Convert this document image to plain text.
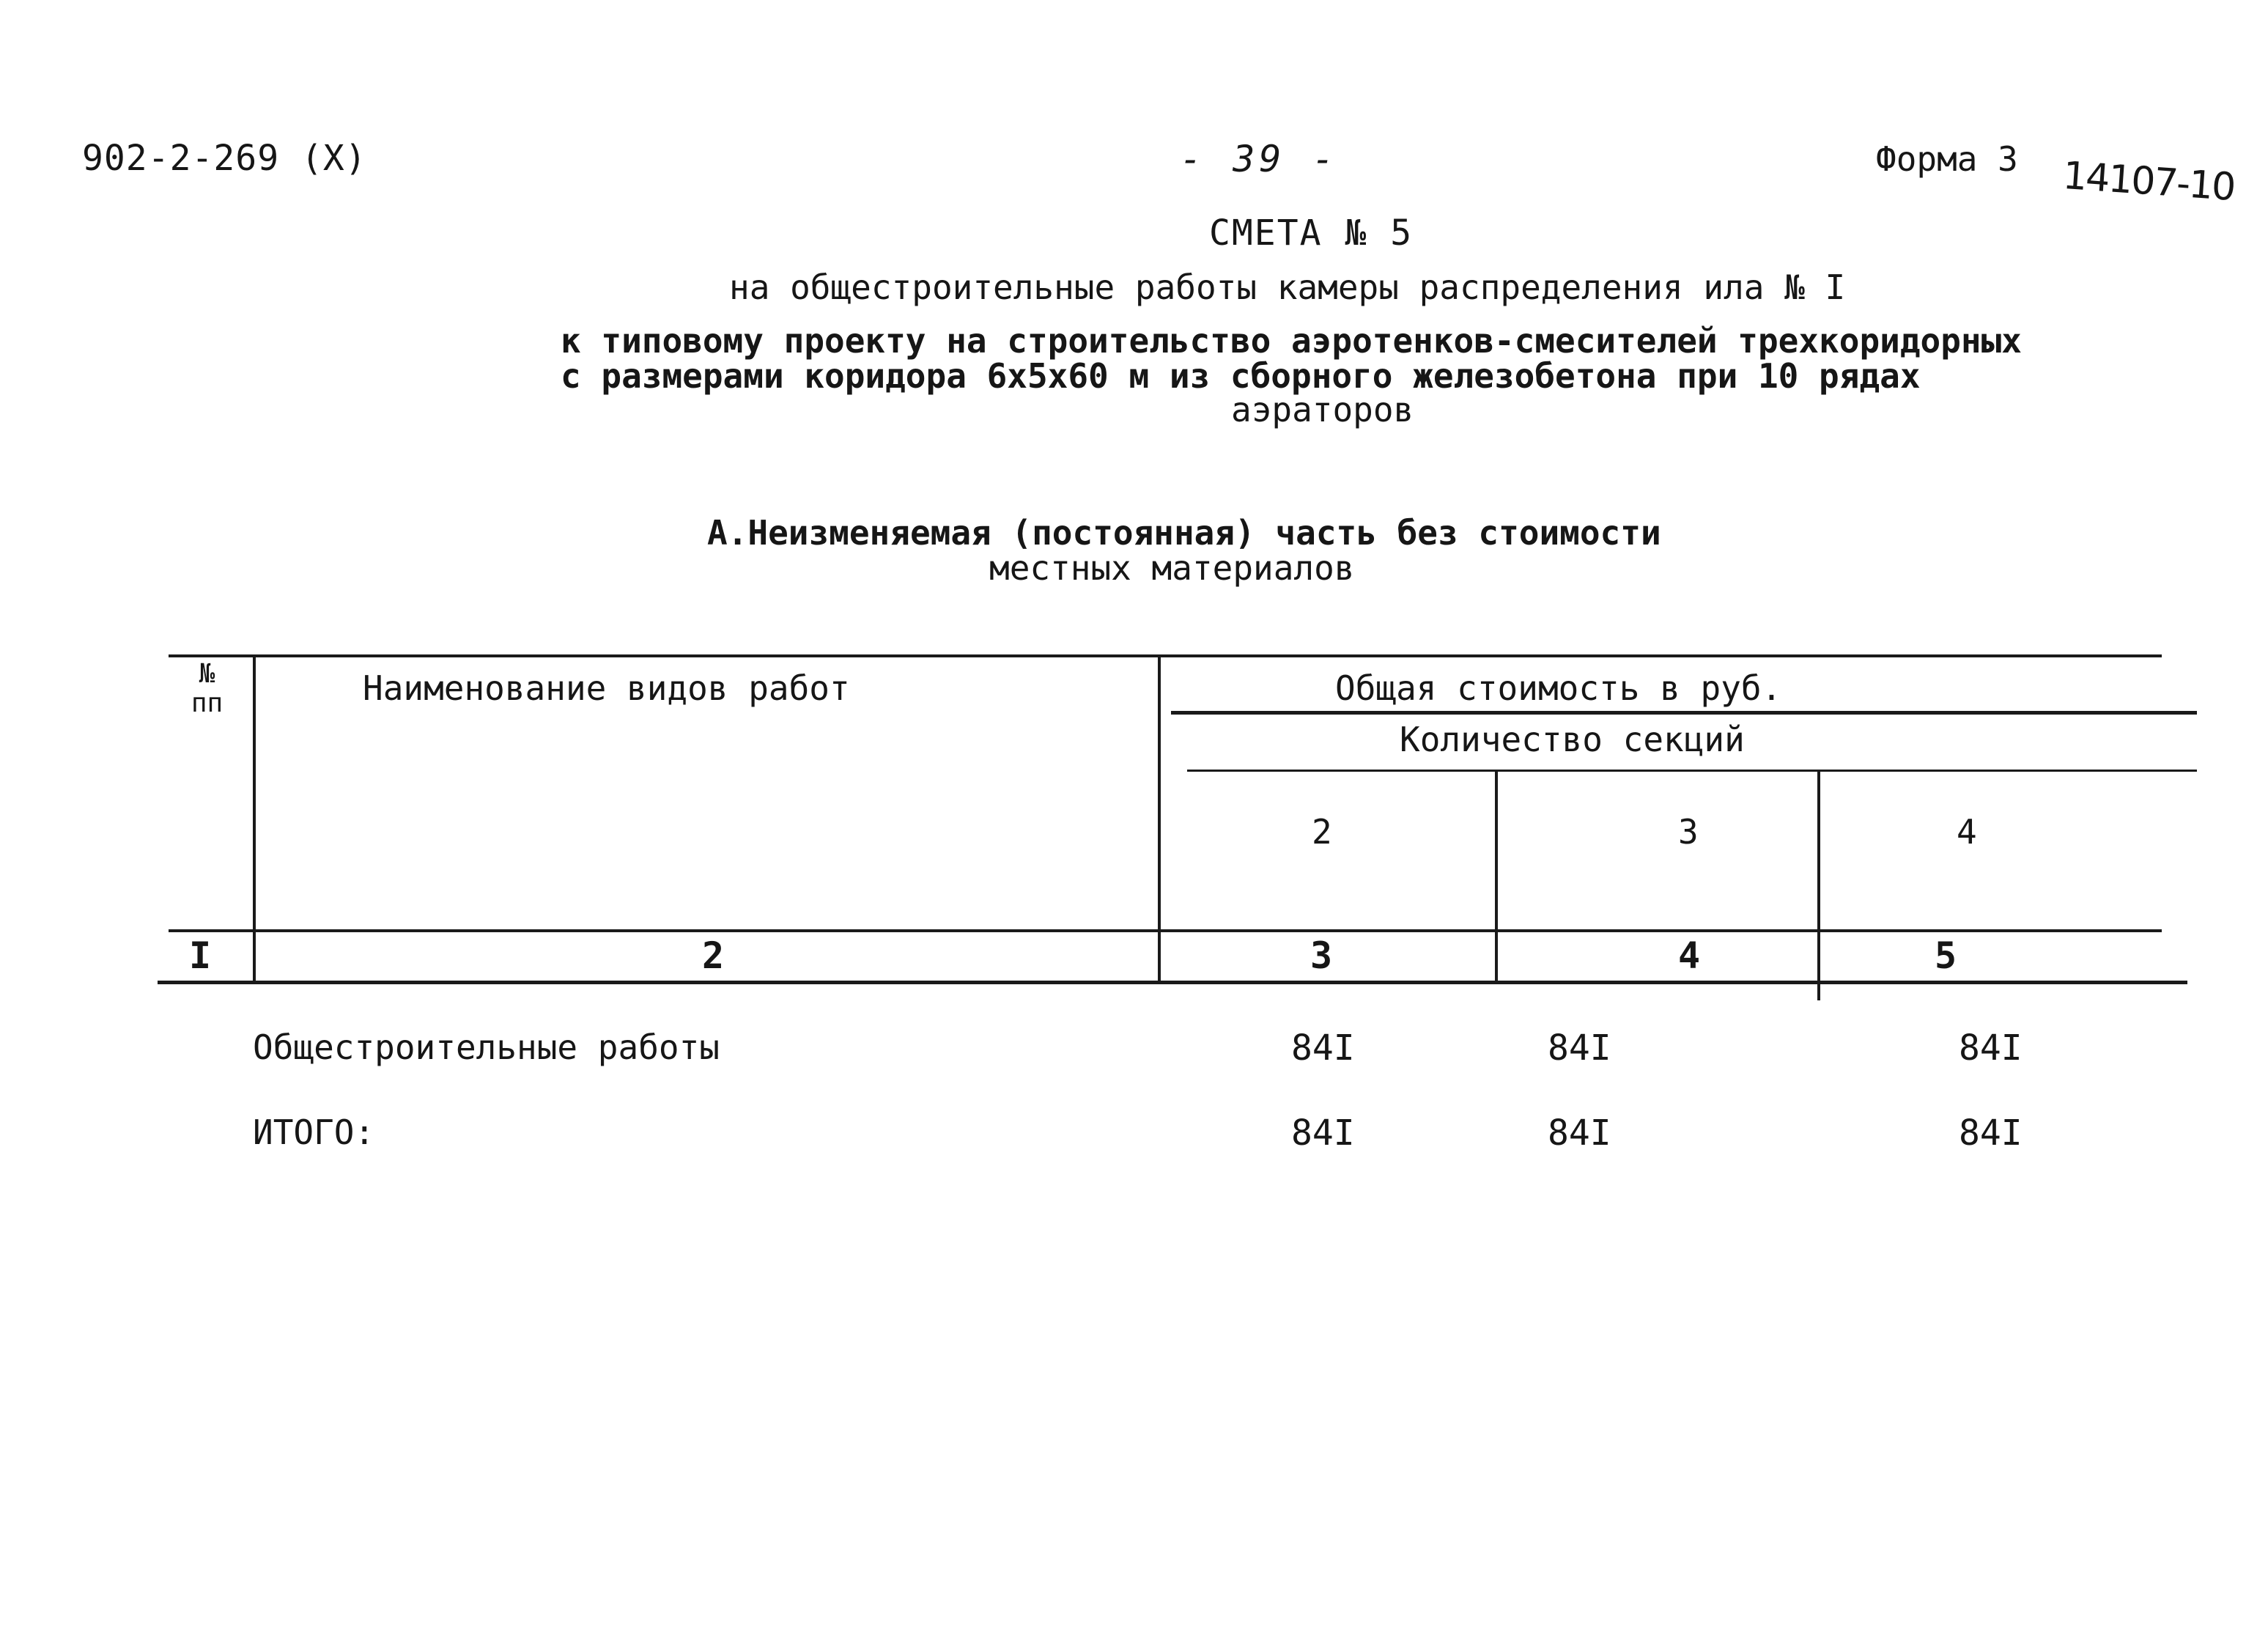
902-2-269 (X)	- 39 -	Форма 3 14107-10
СМЕТА № 5
на общестроительные работы камеры распределения ила № I
к типовому проекту на строительство аэротенков-смесителей трехкоридорных
с размерами коридора 6х5х60 м из сборного железобетона при 10 рядах
аэраторов
А.Неизменяемая (постоянная) часть без стоимости
местных материалов
№
пп	Наименование видов работ	Общая стоимость в руб.
Количество секций
2	3	4
I	2	3	4	5
Общестроительные работы	84I	84I	84I
ИТОГО:	84I	84I	84I
